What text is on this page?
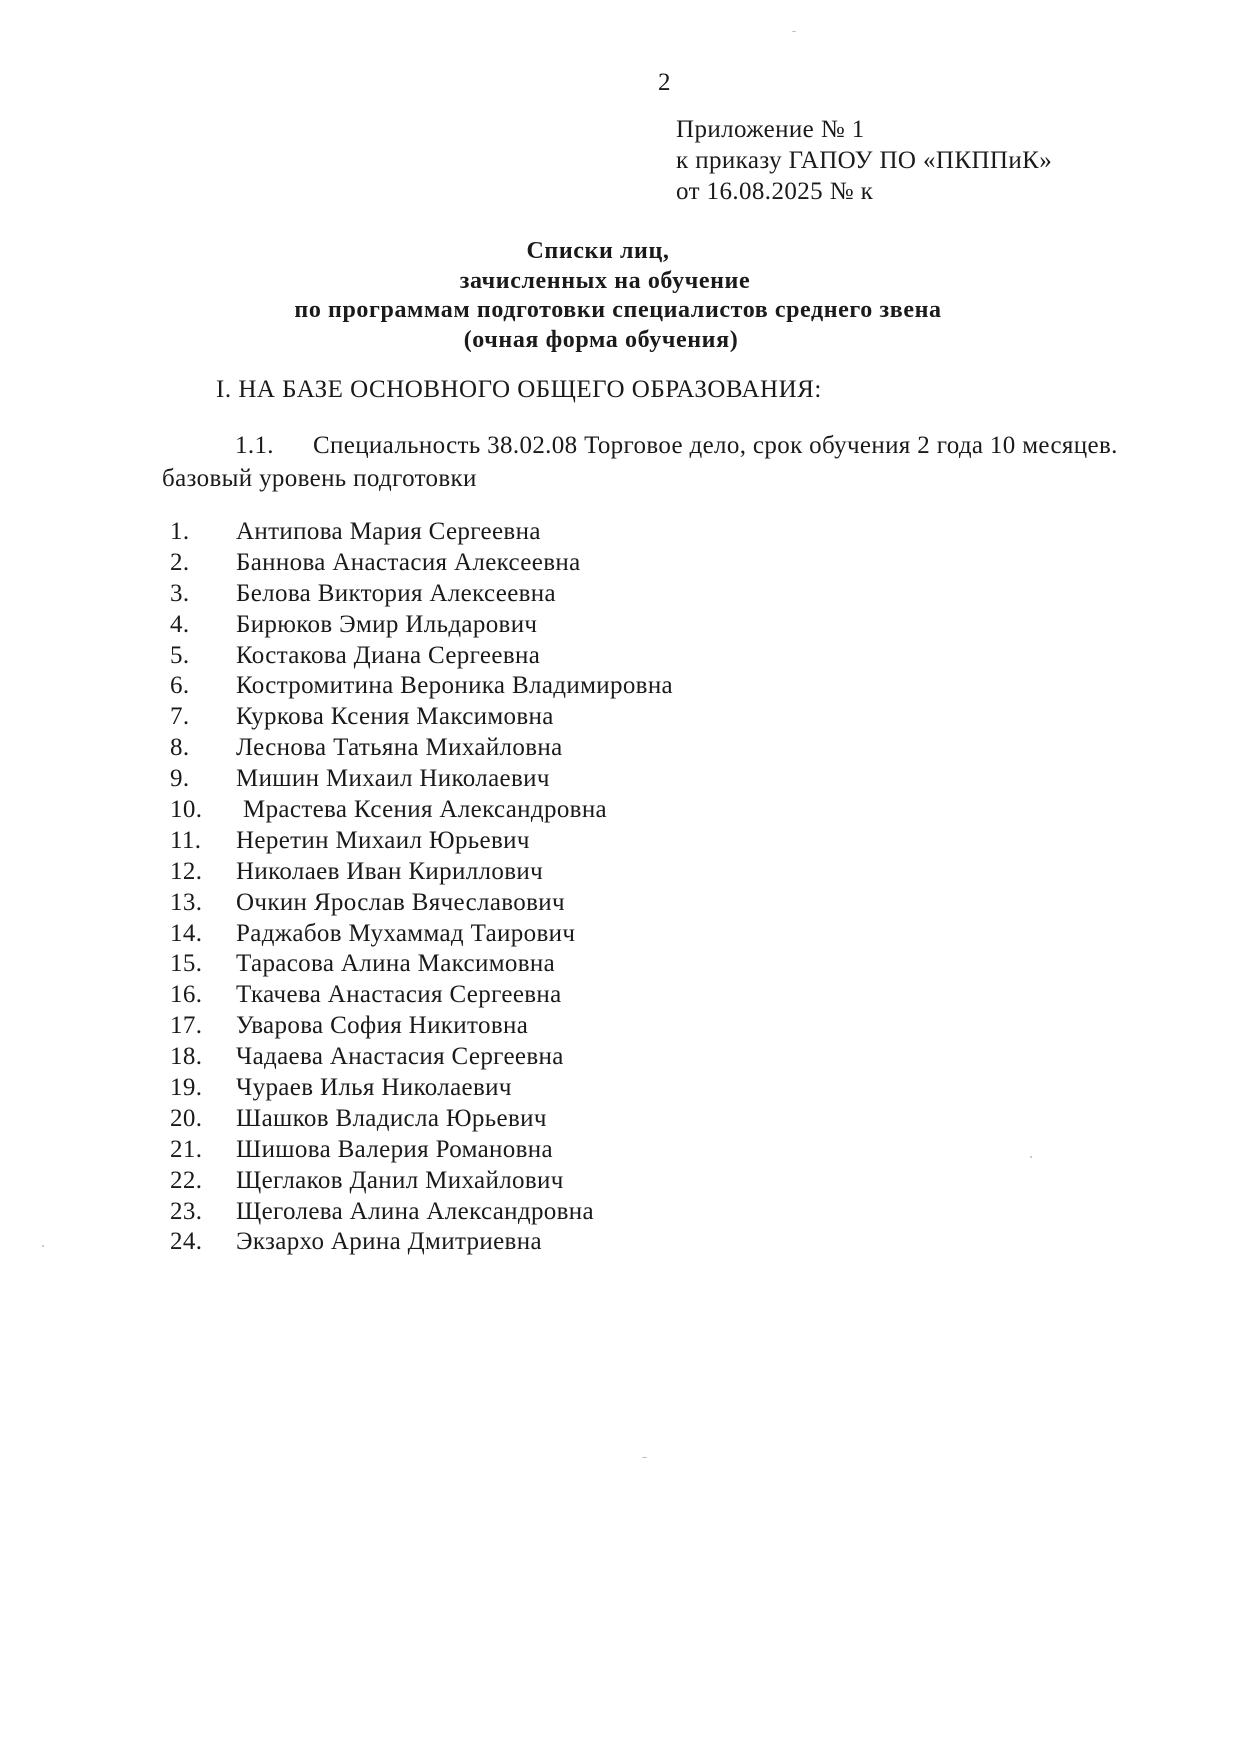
2
Приложение № 1
к приказу ГАПОУ ПО «ПКППиК»
от 16.08.2025 № к
Списки лиц,
зачисленных на обучение
по программам подготовки специалистов среднего звена
(очная форма обучения)
I. НА БАЗЕ ОСНОВНОГО ОБЩЕГО ОБРАЗОВАНИЯ:
1.1. Специальность 38.02.08 Торговое дело, срок обучения 2 года 10 месяцев.
базовый уровень подготовки
1.	Антипова Мария Сергеевна
2.	Баннова Анастасия Алексеевна
3.	Белова Виктория Алексеевна
4.	Бирюков Эмир Ильдарович
5.	Костакова Диана Сергеевна
6.	Костромитина Вероника Владимировна
7.	Куркова Ксения Максимовна
8.	Леснова Татьяна Михайловна
9.	Мишин Михаил Николаевич
10.	Мрастева Ксения Александровна
11.	Неретин Михаил Юрьевич
12.	Николаев Иван Кириллович
13.	Очкин Ярослав Вячеславович
14.	Раджабов Мухаммад Таирович
15.	Тарасова Алина Максимовна
16.	Ткачева Анастасия Сергеевна
17.	Уварова София Никитовна
18.	Чадаева Анастасия Сергеевна
19.	Чураев Илья Николаевич
20.	Шашков Владисла Юрьевич
21.	Шишова Валерия Романовна
22.	Щеглаков Данил Михайлович
23.	Щеголева Алина Александровна
24.	Экзархо Арина Дмитриевна
